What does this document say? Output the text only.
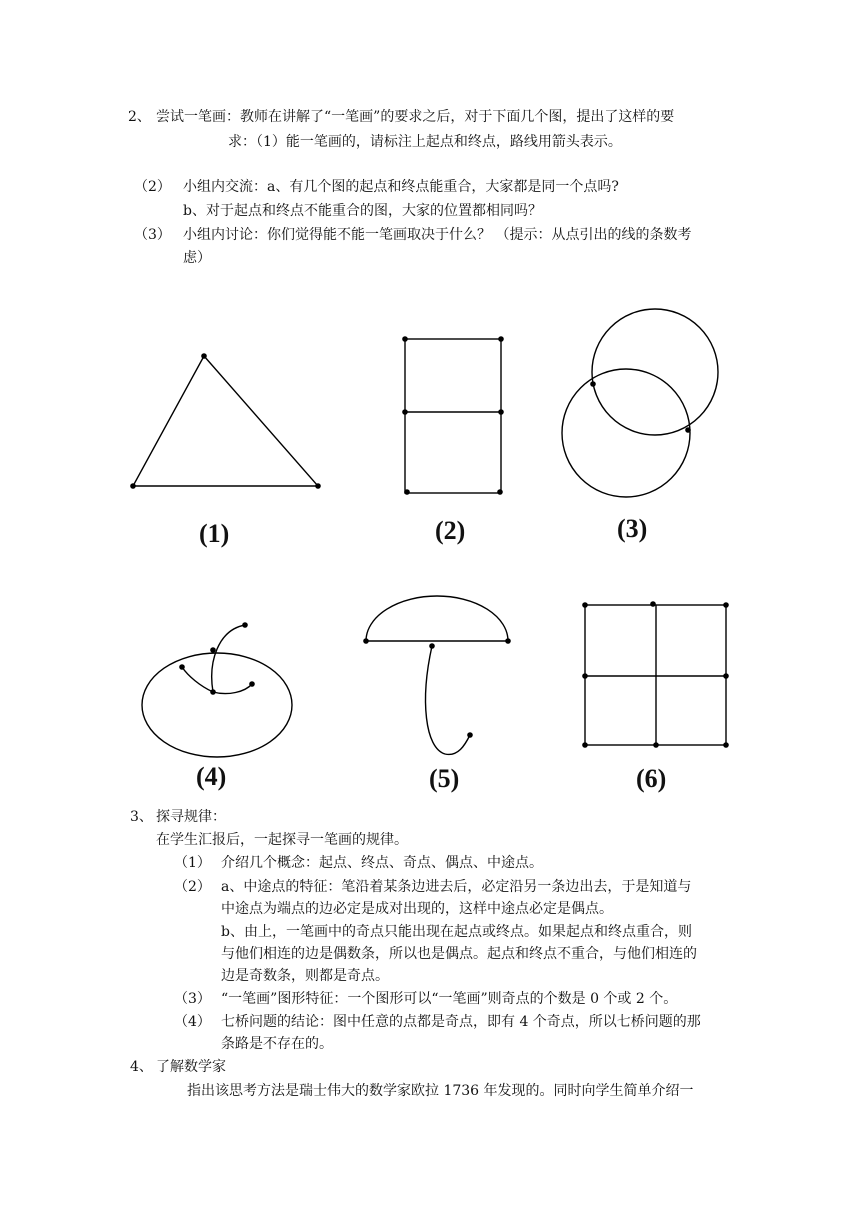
2、 尝试一笔画：教师在讲解了“一笔画”的要求之后，对于下面几个图，提出了这样的要
求：（1）能一笔画的，请标注上起点和终点，路线用箭头表示。
（2） 小组内交流：a、有几个图的起点和终点能重合，大家都是同一个点吗?
b、对于起点和终点不能重合的图，大家的位置都相同吗？
（3） 小组内讨论：你们觉得能不能一笔画取决于什么？ （提示：从点引出的线的条数考
虑）
(1)	(2)	(3)
(4)	(5)	(6)
3、 探寻规律：
在学生汇报后，一起探寻一笔画的规律。
（1） 介绍几个概念：起点、终点、奇点、偶点、中途点。
（2） a、中途点的特征：笔沿着某条边进去后，必定沿另一条边出去，于是知道与
中途点为端点的边必定是成对出现的，这样中途点必定是偶点。
b、由上，一笔画中的奇点只能出现在起点或终点。如果起点和终点重合，则
与他们相连的边是偶数条，所以也是偶点。起点和终点不重合，与他们相连的
边是奇数条，则都是奇点。
（3） “一笔画”图形特征：一个图形可以“一笔画”则奇点的个数是 0 个或 2 个。
（4） 七桥问题的结论：图中任意的点都是奇点，即有 4 个奇点，所以七桥问题的那
条路是不存在的。
4、 了解数学家
指出该思考方法是瑞士伟大的数学家欧拉 1736 年发现的。同时向学生简单介绍一
